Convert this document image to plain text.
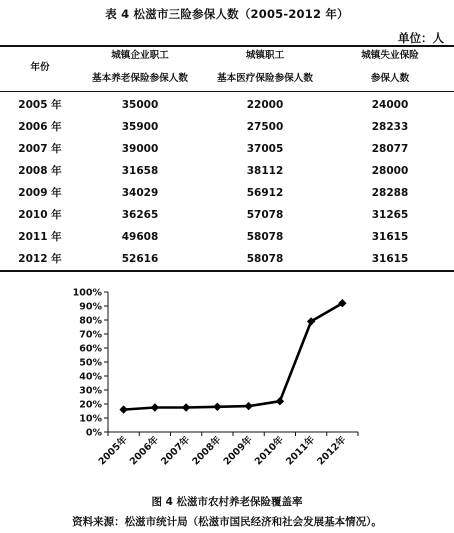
表 4 松滋市三险参保人数（2005-2012 年）
单位：人
年份
城镇企业职工
基本养老保险参保人数
城镇职工
基本医疗保险参保人数
城镇失业保险
参保人数
2005 年	35000	22000	24000
2006 年	35900	27500	28233
2007 年	39000	37005	28077
2008 年	31658	38112	28000
2009 年	34029	56912	28288
2010 年	36265	57078	31265
2011 年	49608	58078	31615
2012 年	52616	58078	31615
0%
10%
20%
30%
40%
50%
60%
70%
80%
90%
100%
2005年
2006年
2007年
2008年
2009年
2010年
2011年
2012年
图 4 松滋市农村养老保险覆盖率
资料来源：松滋市统计局（松滋市国民经济和社会发展基本情况）。
